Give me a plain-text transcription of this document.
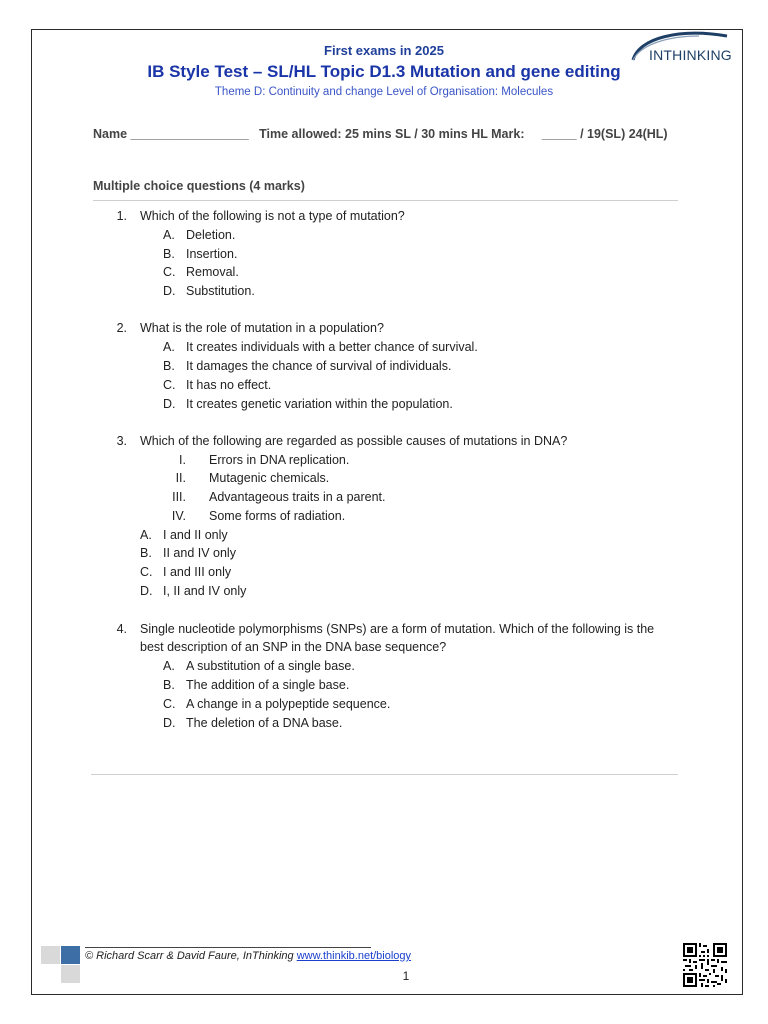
First exams in 2025
IB Style Test – SL/HL Topic D1.3 Mutation and gene editing
Theme D: Continuity and change Level of Organisation: Molecules
INTHINKING
Name _________________   Time allowed: 25 mins SL / 30 mins HL Mark:     _____ / 19(SL) 24(HL)
Multiple choice questions (4 marks)
1. Which of the following is not a type of mutation?
A. Deletion.
B. Insertion.
C. Removal.
D. Substitution.
2. What is the role of mutation in a population?
A. It creates individuals with a better chance of survival.
B. It damages the chance of survival of individuals.
C. It has no effect.
D. It creates genetic variation within the population.
3. Which of the following are regarded as possible causes of mutations in DNA?
I. Errors in DNA replication.
II. Mutagenic chemicals.
III. Advantageous traits in a parent.
IV. Some forms of radiation.
A. I and II only
B. II and IV only
C. I and III only
D. I, II and IV only
4. Single nucleotide polymorphisms (SNPs) are a form of mutation. Which of the following is the
best description of an SNP in the DNA base sequence?
A. A substitution of a single base.
B. The addition of a single base.
C. A change in a polypeptide sequence.
D. The deletion of a DNA base.
© Richard Scarr & David Faure, InThinking www.thinkib.net/biology
1
